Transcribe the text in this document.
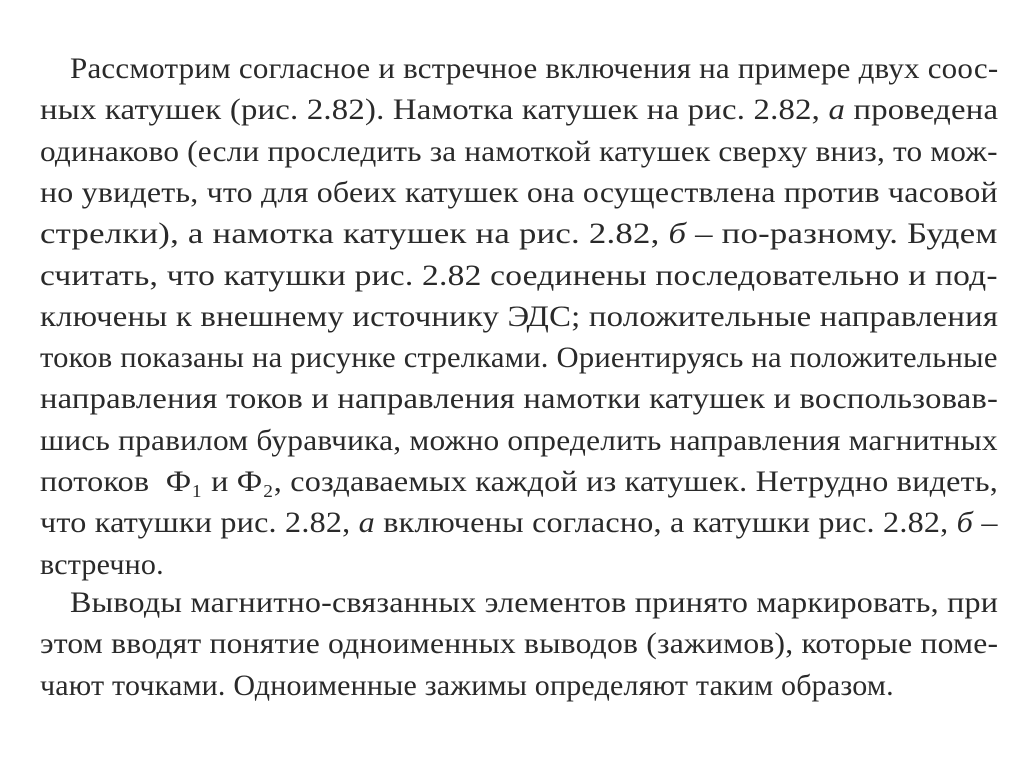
Рассмотрим согласное и встречное включения на примере двух соос-
ных катушек (рис. 2.82). Намотка катушек на рис. 2.82, а проведена
одинаково (если проследить за намоткой катушек сверху вниз, то мож-
но увидеть, что для обеих катушек она осуществлена против часовой
стрелки), а намотка катушек на рис. 2.82, б – по-разному. Будем
считать, что катушки рис. 2.82 соединены последовательно и под-
ключены к внешнему источнику ЭДС; положительные направления
токов показаны на рисунке стрелками. Ориентируясь на положительные
направления токов и направления намотки катушек и воспользовав-
шись правилом буравчика, можно определить направления магнитных
потоков  Ф₁ и Ф₂, создаваемых каждой из катушек. Нетрудно видеть,
что катушки рис. 2.82, а включены согласно, а катушки рис. 2.82, б –
встречно.
Выводы магнитно-связанных элементов принято маркировать, при
этом вводят понятие одноименных выводов (зажимов), которые поме-
чают точками. Одноименные зажимы определяют таким образом.
